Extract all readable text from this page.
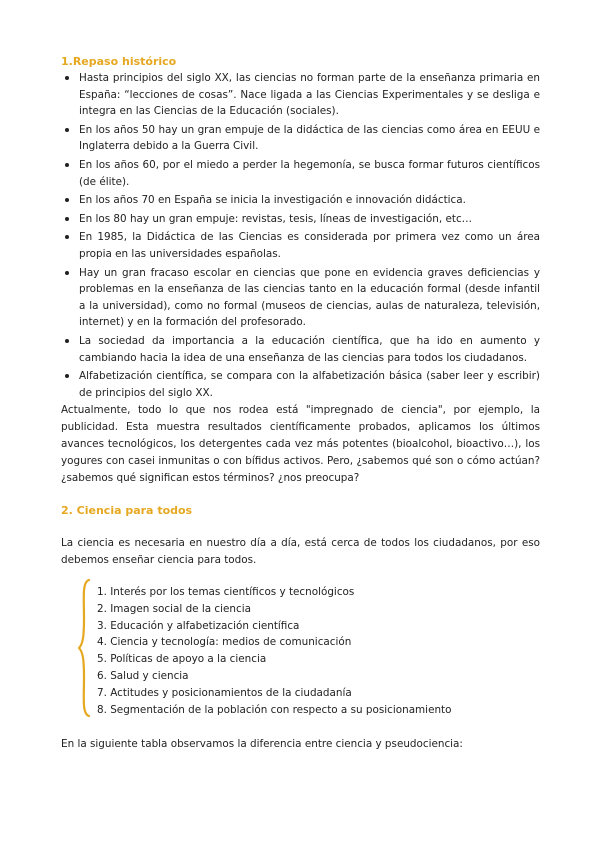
1.Repaso histórico
Hasta principios del siglo XX, las ciencias no forman parte de la enseñanza primaria en España: “lecciones de cosas”. Nace ligada a las Ciencias Experimentales y se desliga e integra en las Ciencias de la Educación (sociales).
En los años 50 hay un gran empuje de la didáctica de las ciencias como área en EEUU e Inglaterra debido a la Guerra Civil.
En los años 60, por el miedo a perder la hegemonía, se busca formar futuros científicos (de élite).
En los años 70 en España se inicia la investigación e innovación didáctica.
En los 80 hay un gran empuje: revistas, tesis, líneas de investigación, etc…
En 1985, la Didáctica de las Ciencias es considerada por primera vez como un área propia en las universidades españolas.
Hay un gran fracaso escolar en ciencias que pone en evidencia graves deficiencias y problemas en la enseñanza de las ciencias tanto en la educación formal (desde infantil a la universidad), como no formal (museos de ciencias, aulas de naturaleza, televisión, internet) y en la formación del profesorado.
La sociedad da importancia a la educación científica, que ha ido en aumento y cambiando hacia la idea de una enseñanza de las ciencias para todos los ciudadanos.
Alfabetización científica, se compara con la alfabetización básica (saber leer y escribir) de principios del siglo XX.

Actualmente, todo lo que nos rodea está "impregnado de ciencia", por ejemplo, la publicidad. Esta muestra resultados científicamente probados, aplicamos los últimos avances tecnológicos, los detergentes cada vez más potentes (bioalcohol, bioactivo…), los yogures con casei inmunitas o con bífidus activos. Pero, ¿sabemos qué son o cómo actúan? ¿sabemos qué significan estos términos? ¿nos preocupa?

2. Ciencia para todos

La ciencia es necesaria en nuestro día a día, está cerca de todos los ciudadanos, por eso debemos enseñar ciencia para todos.

1. Interés por los temas científicos y tecnológicos
2. Imagen social de la ciencia
3. Educación y alfabetización científica
4. Ciencia y tecnología: medios de comunicación
5. Políticas de apoyo a la ciencia
6. Salud y ciencia
7. Actitudes y posicionamientos de la ciudadanía
8. Segmentación de la población con respecto a su posicionamiento

En la siguiente tabla observamos la diferencia entre ciencia y pseudociencia:
